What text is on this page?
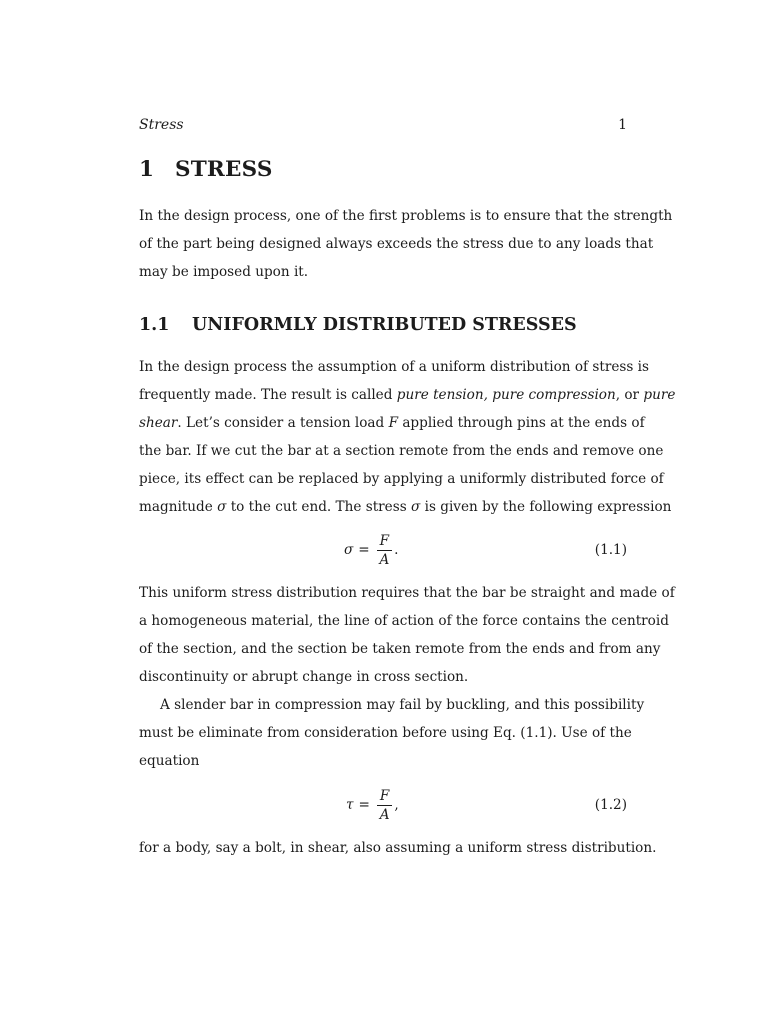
Stress	1
1 STRESS
In the design process, one of the first problems is to ensure that the strength
of the part being designed always exceeds the stress due to any loads that
may be imposed upon it.
1.1 UNIFORMLY DISTRIBUTED STRESSES
In the design process the assumption of a uniform distribution of stress is
frequently made. The result is called pure tension, pure compression, or pure
shear. Let’s consider a tension load F applied through pins at the ends of
the bar. If we cut the bar at a section remote from the ends and remove one
piece, its effect can be replaced by applying a uniformly distributed force of
magnitude σ to the cut end. The stress σ is given by the following expression
$\sigma = \frac{F}{A}$ .	(1.1)
This uniform stress distribution requires that the bar be straight and made of
a homogeneous material, the line of action of the force contains the centroid
of the section, and the section be taken remote from the ends and from any
discontinuity or abrupt change in cross section.
A slender bar in compression may fail by buckling, and this possibility
must be eliminate from consideration before using Eq. (1.1). Use of the
equation
$\tau = \frac{F}{A}$ ,	(1.2)
for a body, say a bolt, in shear, also assuming a uniform stress distribution.
